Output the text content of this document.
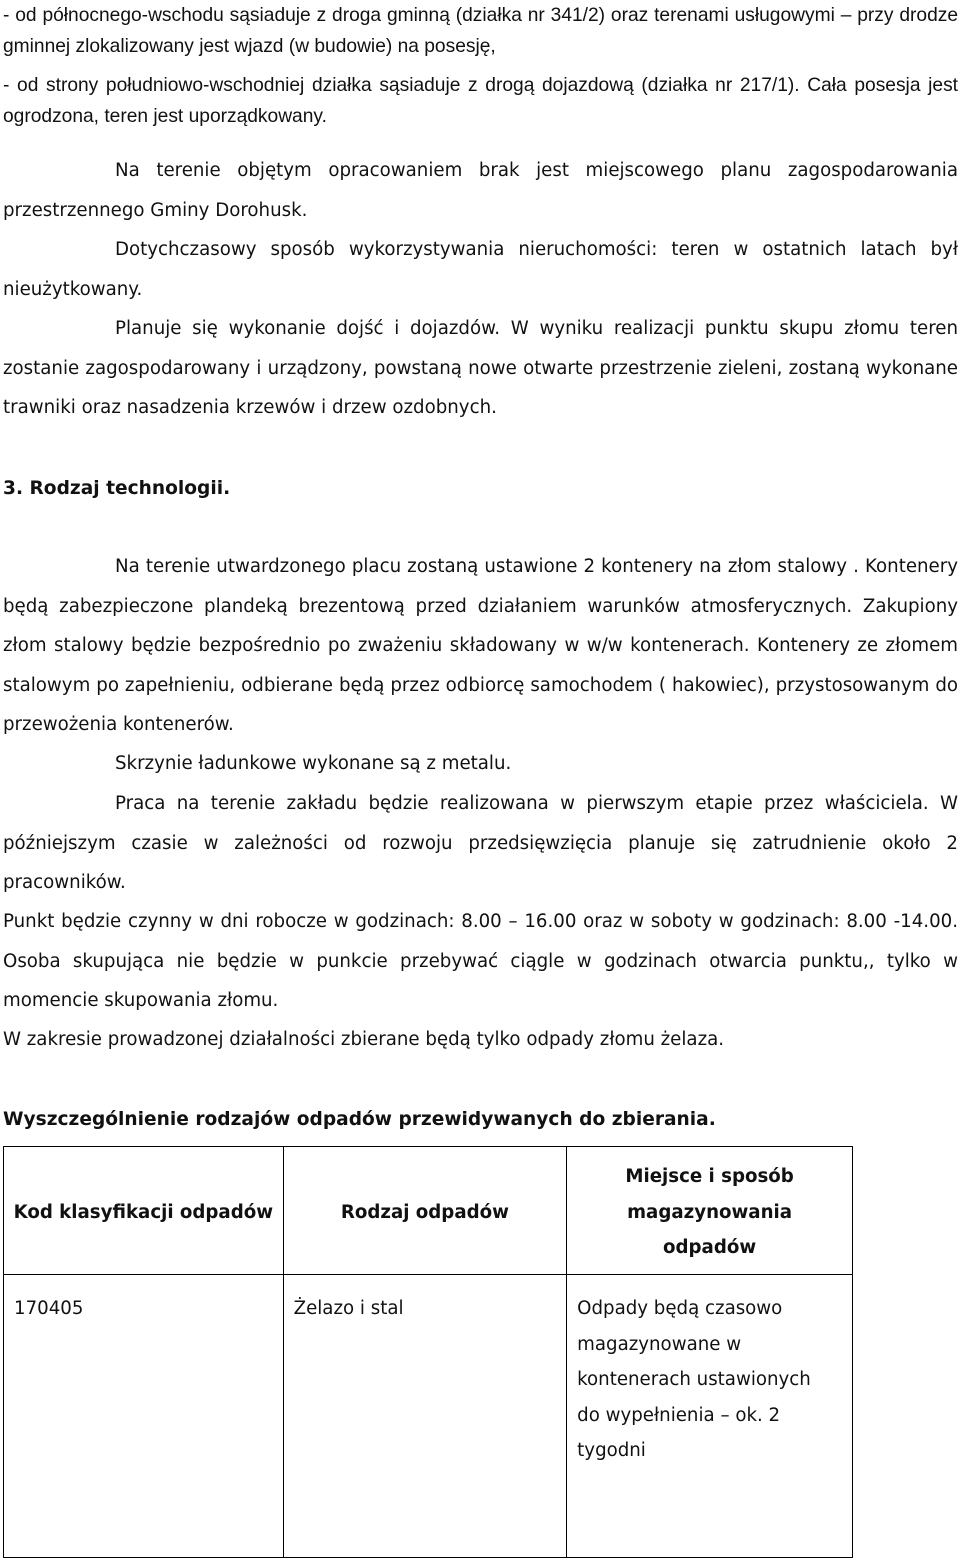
- od północnego-wschodu sąsiaduje z droga gminną (działka nr 341/2) oraz terenami usługowymi – przy drodze gminnej zlokalizowany jest wjazd (w budowie) na posesję,

- od strony południowo-wschodniej działka sąsiaduje z drogą dojazdową (działka nr 217/1). Cała posesja jest ogrodzona, teren jest uporządkowany.

Na terenie objętym opracowaniem brak jest miejscowego planu zagospodarowania przestrzennego Gminy Dorohusk.

Dotychczasowy sposób wykorzystywania nieruchomości: teren w ostatnich latach był nieużytkowany.

Planuje się wykonanie dojść i dojazdów. W wyniku realizacji punktu skupu złomu teren zostanie zagospodarowany i urządzony, powstaną nowe otwarte przestrzenie zieleni, zostaną wykonane trawniki oraz nasadzenia krzewów i drzew ozdobnych.

3. Rodzaj technologii.

Na terenie utwardzonego placu zostaną ustawione 2 kontenery na złom stalowy . Kontenery będą zabezpieczone plandeką brezentową przed działaniem warunków atmosferycznych. Zakupiony złom stalowy będzie bezpośrednio po zważeniu składowany w w/w kontenerach. Kontenery ze złomem stalowym po zapełnieniu, odbierane będą przez odbiorcę samochodem ( hakowiec), przystosowanym do przewożenia kontenerów.

Skrzynie ładunkowe wykonane są z metalu.

Praca na terenie zakładu będzie realizowana w pierwszym etapie przez właściciela. W późniejszym czasie w zależności od rozwoju przedsięwzięcia planuje się zatrudnienie około 2 pracowników.

Punkt będzie czynny w dni robocze w godzinach: 8.00 – 16.00 oraz w soboty w godzinach: 8.00 -14.00. Osoba skupująca nie będzie w punkcie przebywać ciągle w godzinach otwarcia punktu,, tylko w momencie skupowania złomu.

W zakresie prowadzonej działalności zbierane będą tylko odpady złomu żelaza.

Wyszczególnienie rodzajów odpadów przewidywanych do zbierania.
Kod klasyfikacji odpadów	Rodzaj odpadów	Miejsce i sposób magazynowania odpadów
170405	Żelazo i stal	Odpady będą czasowo magazynowane w kontenerach ustawionych do wypełnienia – ok. 2 tygodni
